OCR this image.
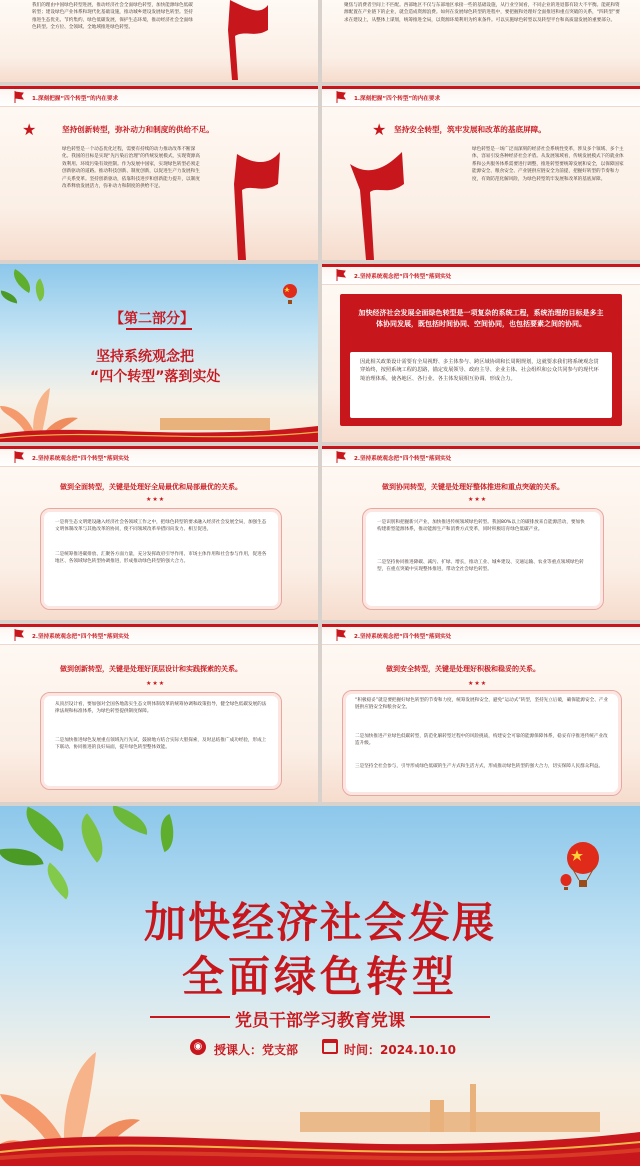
我们的理由中国绿色转型进展，推动经济社会全面绿色转型，加快能源绿色低碳转型；建设绿色产业体系和现代化基础设施，推动城乡建设发展绿色转型。坚持推进生态优先、节约集约、绿色低碳发展，保护生态环境，推动经济社会全面绿色转型。全方位、全领域、全地域推进绿色转型。
聚焦与消费者空间上不匹配。西部地区不仅与东部地区承接一些的基础设施，从行业空间看，不同企业的进退都有较大不平衡。能耗和资源配置在产业链下的企业，就会造成资源浪费。如何在发展绿色转型的进程中，要把握和处理好全面推进和重点突破的关系，“四转型”要求在建设上，从整体上谋划，统筹推进全局，以资源环境利用为约束条件。可以实施绿色转型以及转型平台和高质量发展的重要部分。
1.深刻把握“四个转型”的内在要求
★	坚持创新转型，弥补动力和制度的供给不足。
绿色转型是一个动态优化过程，需要有持续的动力推动改革不断深化。我国的目标是实现“先污染后治理”的传统发展模式，实现资源高效利用、环境污染有效控制。作为发展中国家，实现绿色转型必须走创新驱动的道路。推动科技创新、制度创新，以促进生产力发展和生产关系变革。坚持创新驱动，依靠科技进步和创新能力提升，以制度改革释放发展活力，弥补动力和制度的供给不足。
1.深刻把握“四个转型”的内在要求
★ 坚持安全转型，筑牢发展和改革的基底屏障。
绿色转型是一场广泛而深刻的经济社会系统性变革，涉及多个领域、多个主体，容易引发各种经济社会矛盾。从发展领域看，传统发展模式下的就业体系和公共服务体系需要进行调整，推进转型要统筹发展和安全，以保障国家能源安全、粮食安全、产业链供应链安全为前提，把握好转型的节奏和力度，有效防范化解风险，为绿色转型筑牢发展和改革的基底屏障。
【第二部分】
坚持系统观念把
“四个转型”落到实处
2.坚持系统观念把“四个转型”落到实处
加快经济社会发展全面绿色转型是一项复杂的系统工程，系统治理的目标是多主体协同发展，既包括时间协同、空间协同，也包括要素之间的协同。
因此相关政策设计需要有全局视野、多主体参与、跨区域协调和长周期规划，这就要求我们将系统观念贯穿始终，按照系统工程的思路，锚定发展领导、政府主导、企业主体、社会组织和公众共同参与的现代环境治理体系，使各地区、各行业、各主体发展相互协调、形成合力。
2.坚持系统观念把“四个转型”落到实处
做到全面转型，关键是处理好全局最优和局部最优的关系。
★★★
一是将生态文明建设融入经济社会各领域工作之中，把绿色转型的要求融入经济社会发展全局，加强生态文明体制改革与其他改革的协同，使不同领域改革举措同向发力、相互促进。
二是统筹推进碳排放、汇聚各方面力量，充分发挥政府引导作用、市场主体作用和社会参与作用，促进各地区、各领域绿色转型协调推进，形成推动绿色转型的强大合力。
2.坚持系统观念把“四个转型”落到实处
做到协同转型，关键是处理好整体推进和重点突破的关系。
★★★
一是识别和把握新兴产业，加快推进传统领域绿色转型。我国80%以上的碳排放来自能源活动，要加快构建新型能源体系，推动能源生产和消费方式变革，同时积极培育绿色低碳产业。
二是坚持协同推进降碳、减污、扩绿、增长，推动工业、城乡建设、交通运输、农业等重点领域绿色转型，在重点突破中实现整体推进，带动全社会绿色转型。
2.坚持系统观念把“四个转型”落到实处
做到创新转型，关键是处理好顶层设计和实践探索的关系。
★★★
从顶层设计看，要加强对全国各地落实生态文明体制改革的统筹协调和政策指导，健全绿色低碳发展的法律法规和标准体系，为绿色转型提供制度保障。
二是加快推进绿色发展重点领域先行先试，鼓励地方结合实际大胆探索，及时总结推广成功经验，形成上下联动、协同推进的良好局面，提升绿色转型整体效能。
2.坚持系统观念把“四个转型”落到实处
做到安全转型，关键是处理好积极和稳妥的关系。
★★★
“积极稳妥”就是要把握好绿色转型的节奏和力度，统筹发展和安全，避免“运动式”转型，坚持先立后破，确保能源安全、产业链供应链安全和粮食安全。
二是加快推进产业绿色低碳转型，防范化解转型过程中的风险挑战，构建安全可靠的能源保障体系，稳妥有序推进传统产业改造升级。
三是坚持全社会参与，引导形成绿色低碳的生产方式和生活方式，形成推动绿色转型的强大合力，切实保障人民群众利益。
加快经济社会发展
全面绿色转型
党员干部学习教育党课
◉ 授课人：党支部	时间：2024.10.10
